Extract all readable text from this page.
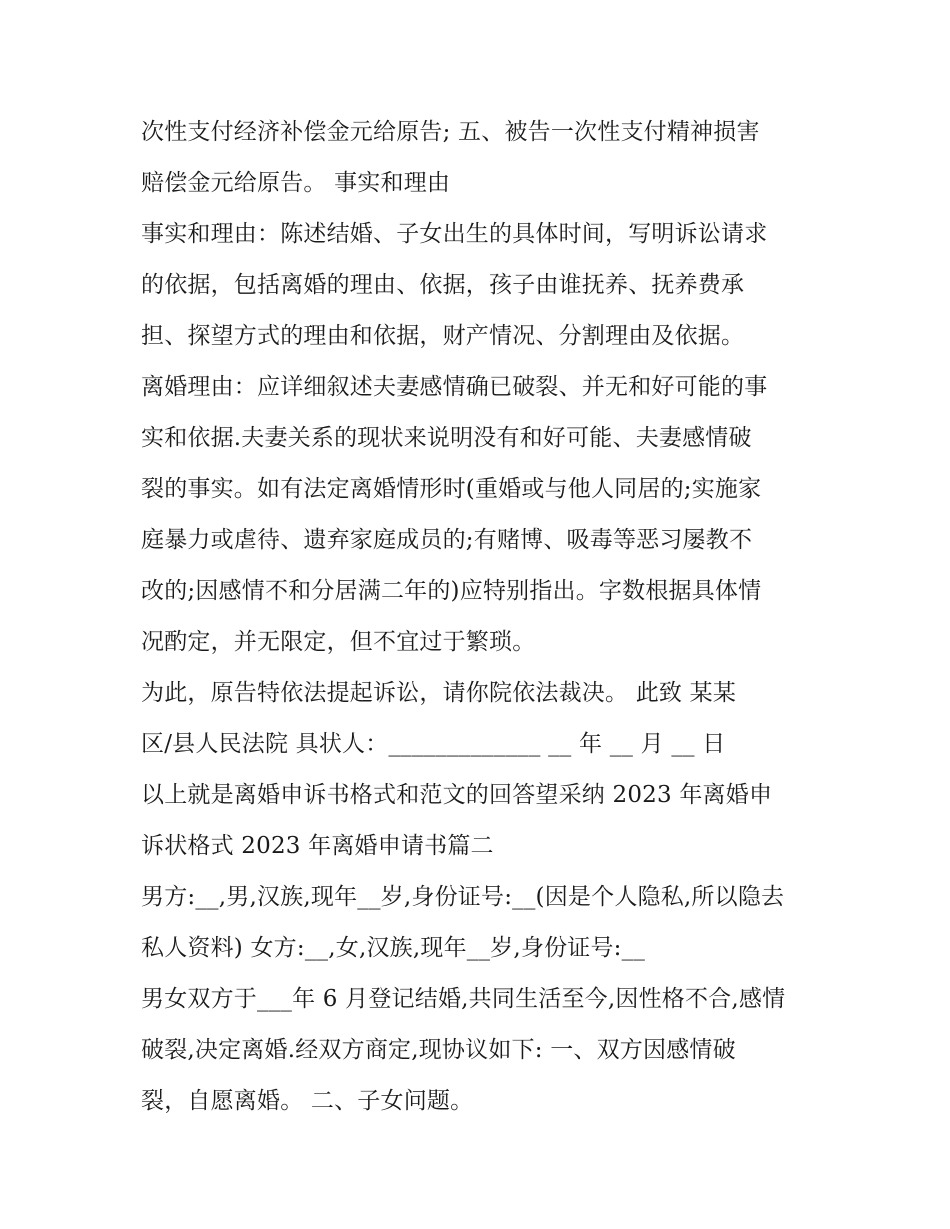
次性支付经济补偿金元给原告; 五、被告一次性支付精神损害
赔偿金元给原告。 事实和理由
事实和理由：陈述结婚、子女出生的具体时间，写明诉讼请求
的依据，包括离婚的理由、依据，孩子由谁抚养、抚养费承
担、探望方式的理由和依据，财产情况、分割理由及依据。
离婚理由：应详细叙述夫妻感情确已破裂、并无和好可能的事
实和依据.夫妻关系的现状来说明没有和好可能、夫妻感情破
裂的事实。如有法定离婚情形时(重婚或与他人同居的;实施家
庭暴力或虐待、遗弃家庭成员的;有赌博、吸毒等恶习屡教不
改的;因感情不和分居满二年的)应特别指出。字数根据具体情
况酌定，并无限定，但不宜过于繁琐。
为此，原告特依法提起诉讼，请你院依法裁决。 此致 某某
区/县人民法院 具状人：_____________ __ 年 __ 月 __ 日
以上就是离婚申诉书格式和范文的回答望采纳 2023 年离婚申
诉状格式 2023 年离婚申请书篇二
男方:__,男,汉族,现年__岁,身份证号:__(因是个人隐私,所以隐去
私人资料) 女方:__,女,汉族,现年__岁,身份证号:__
男女双方于___年 6 月登记结婚,共同生活至今,因性格不合,感情
破裂,决定离婚.经双方商定,现协议如下: 一、双方因感情破
裂，自愿离婚。 二、子女问题。
